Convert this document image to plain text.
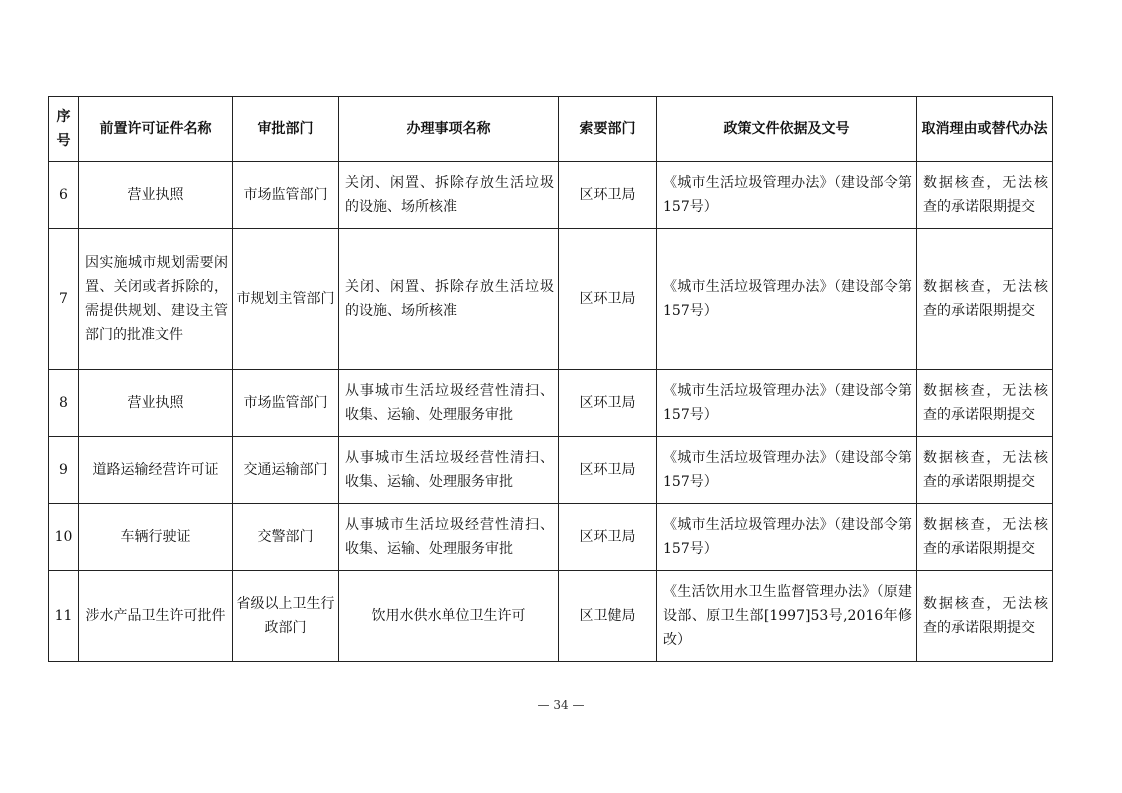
序号	前置许可证件名称	审批部门	办理事项名称	索要部门	政策文件依据及文号	取消理由或替代办法
6	营业执照	市场监管部门	关闭、闲置、拆除存放生活垃圾的设施、场所核准	区环卫局	《城市生活垃圾管理办法》（建设部令第157号）	数据核查，无法核查的承诺限期提交
7	因实施城市规划需要闲置、关闭或者拆除的，需提供规划、建设主管部门的批准文件	市规划主管部门	关闭、闲置、拆除存放生活垃圾的设施、场所核准	区环卫局	《城市生活垃圾管理办法》（建设部令第157号）	数据核查，无法核查的承诺限期提交
8	营业执照	市场监管部门	从事城市生活垃圾经营性清扫、收集、运输、处理服务审批	区环卫局	《城市生活垃圾管理办法》（建设部令第157号）	数据核查，无法核查的承诺限期提交
9	道路运输经营许可证	交通运输部门	从事城市生活垃圾经营性清扫、收集、运输、处理服务审批	区环卫局	《城市生活垃圾管理办法》（建设部令第157号）	数据核查，无法核查的承诺限期提交
10	车辆行驶证	交警部门	从事城市生活垃圾经营性清扫、收集、运输、处理服务审批	区环卫局	《城市生活垃圾管理办法》（建设部令第157号）	数据核查，无法核查的承诺限期提交
11	涉水产品卫生许可批件	省级以上卫生行政部门	饮用水供水单位卫生许可	区卫健局	《生活饮用水卫生监督管理办法》（原建设部、原卫生部[1997]53号,2016年修改）	数据核查，无法核查的承诺限期提交
— 34 —
